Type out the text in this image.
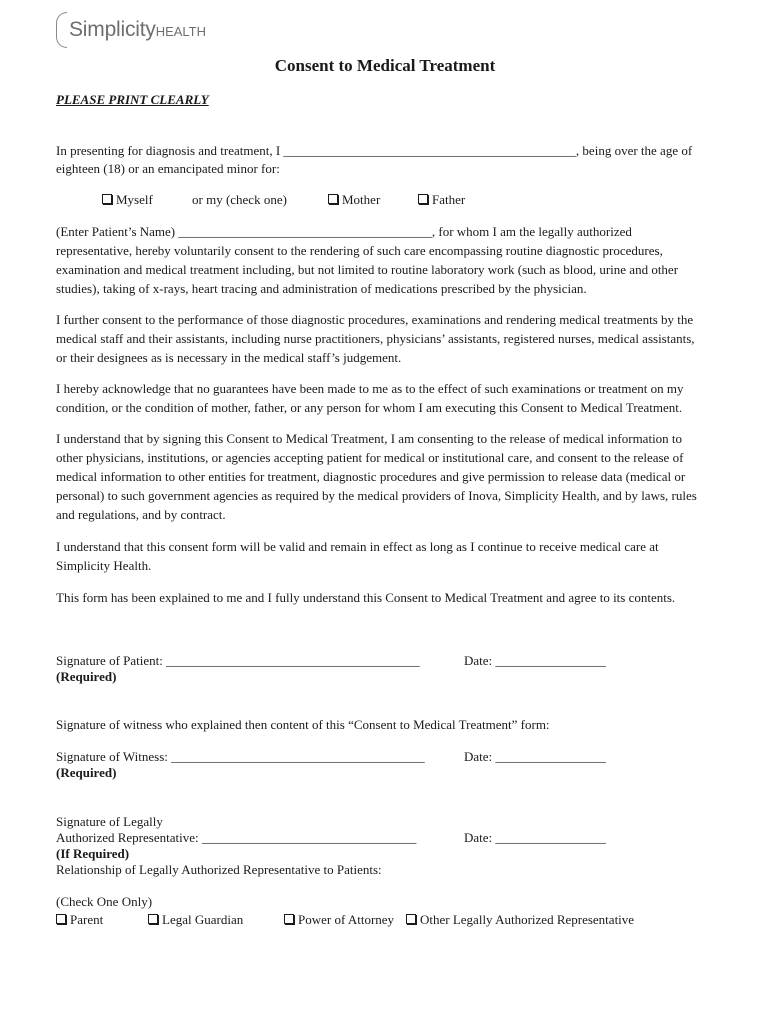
SimplicityHEALTH
Consent to Medical Treatment
PLEASE PRINT CLEARLY
In presenting for diagnosis and treatment, I _____________________________________________, being over the age of
eighteen (18) or an emancipated minor for:
Myself	or my (check one)	Mother	Father
(Enter Patient’s Name) _______________________________________, for whom I am the legally authorized
representative, hereby voluntarily consent to the rendering of such care encompassing routine diagnostic procedures,
examination and medical treatment including, but not limited to routine laboratory work (such as blood, urine and other
studies), taking of x-rays, heart tracing and administration of medications prescribed by the physician.
I further consent to the performance of those diagnostic procedures, examinations and rendering medical treatments by the
medical staff and their assistants, including nurse practitioners, physicians’ assistants, registered nurses, medical assistants,
or their designees as is necessary in the medical staff’s judgement.
I hereby acknowledge that no guarantees have been made to me as to the effect of such examinations or treatment on my
condition, or the condition of mother, father, or any person for whom I am executing this Consent to Medical Treatment.
I understand that by signing this Consent to Medical Treatment, I am consenting to the release of medical information to
other physicians, institutions, or agencies accepting patient for medical or institutional care, and consent to the release of
medical information to other entities for treatment, diagnostic procedures and give permission to release data (medical or
personal) to such government agencies as required by the medical providers of Inova, Simplicity Health, and by laws, rules
and regulations, and by contract.
I understand that this consent form will be valid and remain in effect as long as I continue to receive medical care at
Simplicity Health.
This form has been explained to me and I fully understand this Consent to Medical Treatment and agree to its contents.
Signature of Patient: _______________________________________	Date: _________________
(Required)
Signature of witness who explained then content of this “Consent to Medical Treatment” form:
Signature of Witness: _______________________________________	Date: _________________
(Required)
Signature of Legally
Authorized Representative: _________________________________	Date: _________________
(If Required)
Relationship of Legally Authorized Representative to Patients:
(Check One Only)
Parent	Legal Guardian	Power of Attorney	Other Legally Authorized Representative
